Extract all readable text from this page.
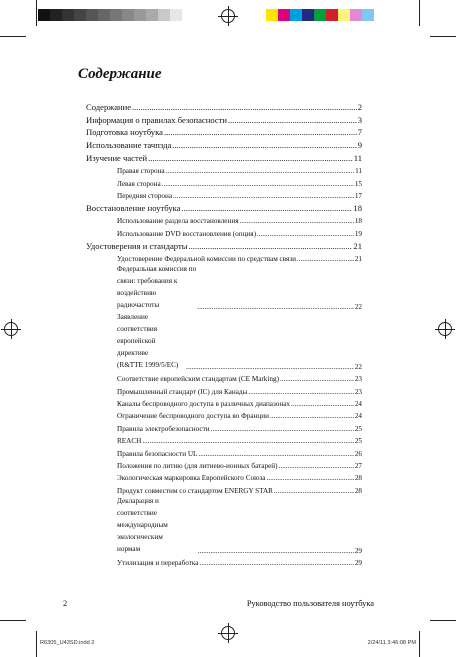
Содержание
Содержание .....	2
Информация о правилах безопасности .....	3
Подготовка ноутбука .....	7
Использование тачпэда .....	9
Изучение частей .....	11
Правая сторона .....	11
Левая сторона .....	15
Передняя сторона .....	17
Восстановление ноутбука .....	18
Использование раздела восстановления .....	18
Использование DVD восстановления (опция) .....	19
Удостоверения и стандарты .....	21
Удостоверение Федеральной комиссии по средствам связи .....	21
Федеральная комиссия по связи: требования к воздействию
радиочастоты .....	22
Заявление соответствия европейской директиве
(R&TTE 1999/5/EC) .....	22
Соответствие европейским стандартам (CE Marking) .....	23
Промышленный стандарт (IC) для Канады .....	23
Каналы беспроводного доступа в различных диапазонах .....	24
Ограничение беспроводного доступа во Франции .....	24
Правила электробезопасности .....	25
REACH .....	25
Правила безопасности UL .....	26
Положения по литию (для литиево-ионных батарей) .....	27
Экологическая маркировка Европейского Союза .....	28
Продукт совместим со стандартом ENERGY STAR .....	28
Декларация и соответствие международным экологическим
нормам .....	29
Утилизация и переработка .....	29
2	Руководство пользователя ноутбука
R6305_U43SD.indd 2	2/24/11 3:46:08 PM
